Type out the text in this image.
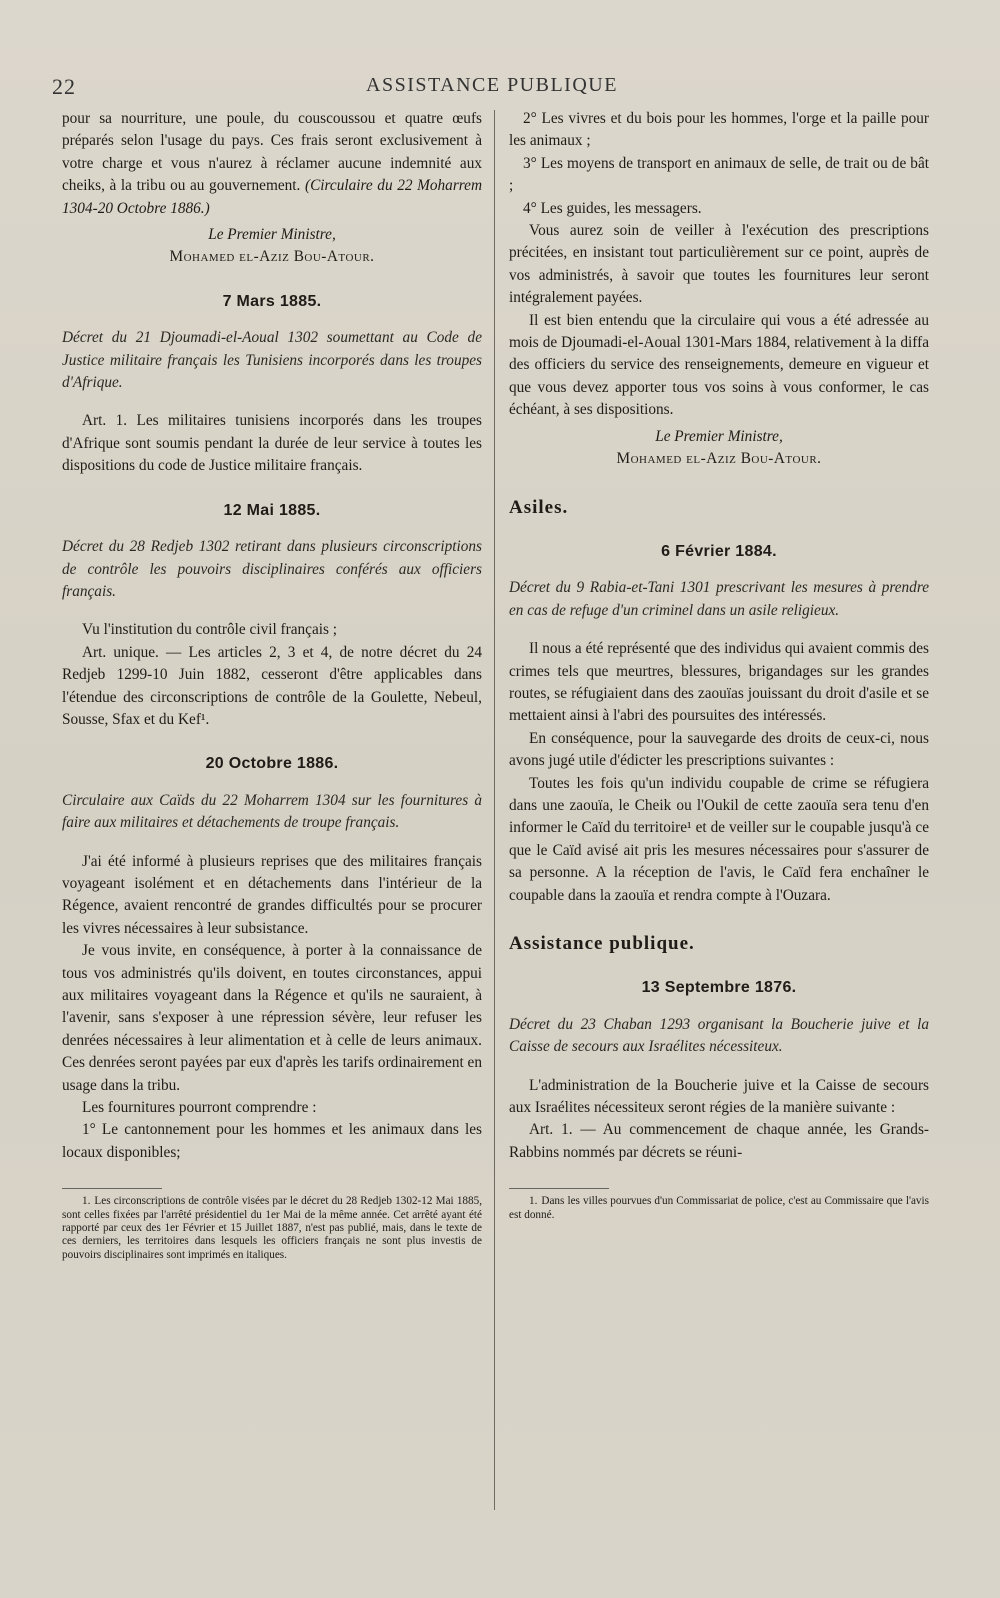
22	ASSISTANCE PUBLIQUE

pour sa nourriture, une poule, du couscoussou et quatre œufs préparés selon l'usage du pays. Ces frais seront exclusivement à votre charge et vous n'aurez à réclamer aucune indemnité aux cheiks, à la tribu ou au gouvernement. (Circulaire du 22 Moharrem 1304-20 Octobre 1886.)

Le Premier Ministre,

Mohamed el-Aziz Bou-Atour.

7 Mars 1885.

Décret du 21 Djoumadi-el-Aoual 1302 soumettant au Code de Justice militaire français les Tunisiens incorporés dans les troupes d'Afrique.

Art. 1. Les militaires tunisiens incorporés dans les troupes d'Afrique sont soumis pendant la durée de leur service à toutes les dispositions du code de Justice militaire français.

12 Mai 1885.

Décret du 28 Redjeb 1302 retirant dans plusieurs circonscriptions de contrôle les pouvoirs disciplinaires conférés aux officiers français.

Vu l'institution du contrôle civil français ;

Art. unique. — Les articles 2, 3 et 4, de notre décret du 24 Redjeb 1299-10 Juin 1882, cesseront d'être applicables dans l'étendue des circonscriptions de contrôle de la Goulette, Nebeul, Sousse, Sfax et du Kef¹.

20 Octobre 1886.

Circulaire aux Caïds du 22 Moharrem 1304 sur les fournitures à faire aux militaires et détachements de troupe français.

J'ai été informé à plusieurs reprises que des militaires français voyageant isolément et en détachements dans l'intérieur de la Régence, avaient rencontré de grandes difficultés pour se procurer les vivres nécessaires à leur subsistance.

Je vous invite, en conséquence, à porter à la connaissance de tous vos administrés qu'ils doivent, en toutes circonstances, appui aux militaires voyageant dans la Régence et qu'ils ne sauraient, à l'avenir, sans s'exposer à une répression sévère, leur refuser les denrées nécessaires à leur alimentation et à celle de leurs animaux. Ces denrées seront payées par eux d'après les tarifs ordinairement en usage dans la tribu.

Les fournitures pourront comprendre :

1° Le cantonnement pour les hommes et les animaux dans les locaux disponibles;

1. Les circonscriptions de contrôle visées par le décret du 28 Redjeb 1302-12 Mai 1885, sont celles fixées par l'arrêté présidentiel du 1er Mai de la même année. Cet arrêté ayant été rapporté par ceux des 1er Février et 15 Juillet 1887, n'est pas publié, mais, dans le texte de ces derniers, les territoires dans lesquels les officiers français ne sont plus investis de pouvoirs disciplinaires sont imprimés en italiques.

2° Les vivres et du bois pour les hommes, l'orge et la paille pour les animaux ;

3° Les moyens de transport en animaux de selle, de trait ou de bât ;

4° Les guides, les messagers.

Vous aurez soin de veiller à l'exécution des prescriptions précitées, en insistant tout particulièrement sur ce point, auprès de vos administrés, à savoir que toutes les fournitures leur seront intégralement payées.

Il est bien entendu que la circulaire qui vous a été adressée au mois de Djoumadi-el-Aoual 1301-Mars 1884, relativement à la diffa des officiers du service des renseignements, demeure en vigueur et que vous devez apporter tous vos soins à vous conformer, le cas échéant, à ses dispositions.

Le Premier Ministre,

Mohamed el-Aziz Bou-Atour.

Asiles.
6 Février 1884.

Décret du 9 Rabia-et-Tani 1301 prescrivant les mesures à prendre en cas de refuge d'un criminel dans un asile religieux.

Il nous a été représenté que des individus qui avaient commis des crimes tels que meurtres, blessures, brigandages sur les grandes routes, se réfugiaient dans des zaouïas jouissant du droit d'asile et se mettaient ainsi à l'abri des poursuites des intéressés.

En conséquence, pour la sauvegarde des droits de ceux-ci, nous avons jugé utile d'édicter les prescriptions suivantes :

Toutes les fois qu'un individu coupable de crime se réfugiera dans une zaouïa, le Cheik ou l'Oukil de cette zaouïa sera tenu d'en informer le Caïd du territoire¹ et de veiller sur le coupable jusqu'à ce que le Caïd avisé ait pris les mesures nécessaires pour s'assurer de sa personne. A la réception de l'avis, le Caïd fera enchaîner le coupable dans la zaouïa et rendra compte à l'Ouzara.

Assistance publique.
13 Septembre 1876.

Décret du 23 Chaban 1293 organisant la Boucherie juive et la Caisse de secours aux Israélites nécessiteux.

L'administration de la Boucherie juive et la Caisse de secours aux Israélites nécessiteux seront régies de la manière suivante :

Art. 1. — Au commencement de chaque année, les Grands-Rabbins nommés par décrets se réuni-

1. Dans les villes pourvues d'un Commissariat de police, c'est au Commissaire que l'avis est donné.
